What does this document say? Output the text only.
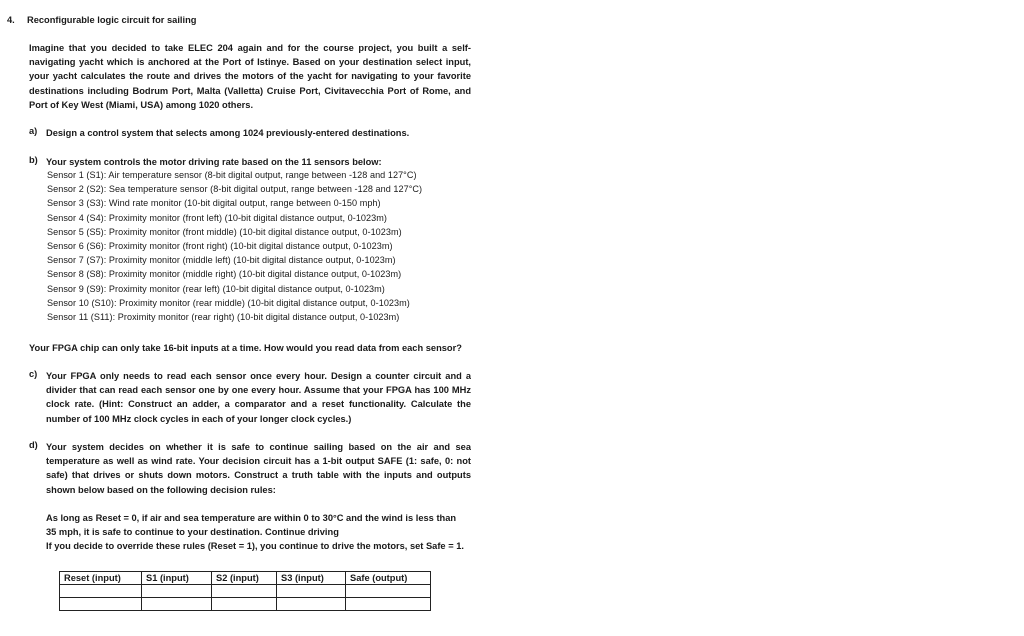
4. Reconfigurable logic circuit for sailing
Imagine that you decided to take ELEC 204 again and for the course project, you built a self-
navigating yacht which is anchored at the Port of Istinye. Based on your destination select input,
your yacht calculates the route and drives the motors of the yacht for navigating to your favorite
destinations including Bodrum Port, Malta (Valletta) Cruise Port, Civitavecchia Port of Rome, and
Port of Key West (Miami, USA) among 1020 others.
a) Design a control system that selects among 1024 previously-entered destinations.
b) Your system controls the motor driving rate based on the 11 sensors below:
Sensor 1 (S1): Air temperature sensor (8-bit digital output, range between -128 and 127°C)
Sensor 2 (S2): Sea temperature sensor (8-bit digital output, range between -128 and 127°C)
Sensor 3 (S3): Wind rate monitor (10-bit digital output, range between 0-150 mph)
Sensor 4 (S4): Proximity monitor (front left) (10-bit digital distance output, 0-1023m)
Sensor 5 (S5): Proximity monitor (front middle) (10-bit digital distance output, 0-1023m)
Sensor 6 (S6): Proximity monitor (front right) (10-bit digital distance output, 0-1023m)
Sensor 7 (S7): Proximity monitor (middle left) (10-bit digital distance output, 0-1023m)
Sensor 8 (S8): Proximity monitor (middle right) (10-bit digital distance output, 0-1023m)
Sensor 9 (S9): Proximity monitor (rear left) (10-bit digital distance output, 0-1023m)
Sensor 10 (S10): Proximity monitor (rear middle) (10-bit digital distance output, 0-1023m)
Sensor 11 (S11): Proximity monitor (rear right) (10-bit digital distance output, 0-1023m)
Your FPGA chip can only take 16-bit inputs at a time. How would you read data from each sensor?
c) Your FPGA only needs to read each sensor once every hour. Design a counter circuit and a
divider that can read each sensor one by one every hour. Assume that your FPGA has 100 MHz
clock rate. (Hint: Construct an adder, a comparator and a reset functionality. Calculate the
number of 100 MHz clock cycles in each of your longer clock cycles.)
d) Your system decides on whether it is safe to continue sailing based on the air and sea
temperature as well as wind rate. Your decision circuit has a 1-bit output SAFE (1: safe, 0: not
safe) that drives or shuts down motors. Construct a truth table with the inputs and outputs
shown below based on the following decision rules:
As long as Reset = 0, if air and sea temperature are within 0 to 30°C and the wind is less than
35 mph, it is safe to continue to your destination. Continue driving
If you decide to override these rules (Reset = 1), you continue to drive the motors, set Safe = 1.
Reset (input)	S1 (input)	S2 (input)	S3 (input)	Safe (output)
